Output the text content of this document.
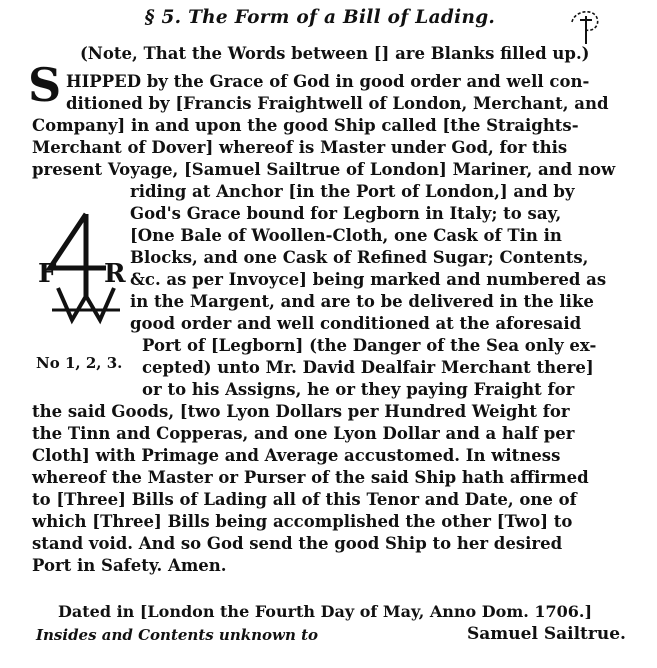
§ 5. The Form of a Bill of Lading.
(Note, That the Words between [] are Blanks filled up.)
S HIPPED by the Grace of God in good order and well con-
ditioned by [Francis Fraightwell of London, Merchant, and
Company] in and upon the good Ship called [the Straights-
Merchant of Dover] whereof is Master under God, for this
present Voyage, [Samuel Sailtrue of London] Mariner, and now
riding at Anchor [in the Port of London,] and by
God's Grace bound for Legborn in Italy; to say,
[One Bale of Woollen-Cloth, one Cask of Tin in
Blocks, and one Cask of Refined Sugar; Contents,
&c. as per Invoyce] being marked and numbered as
in the Margent, and are to be delivered in the like
good order and well conditioned at the aforesaid
Port of [Legborn] (the Danger of the Sea only ex-
cepted) unto Mr. David Dealfair Merchant there]
or to his Assigns, he or they paying Fraight for
the said Goods, [two Lyon Dollars per Hundred Weight for
the Tinn and Copperas, and one Lyon Dollar and a half per
Cloth] with Primage and Average accustomed. In witness
whereof the Master or Purser of the said Ship hath affirmed
to [Three] Bills of Lading all of this Tenor and Date, one of
which [Three] Bills being accomplished the other [Two] to
stand void. And so God send the good Ship to her desired
Port in Safety. Amen.
F R
No 1, 2, 3.
Dated in [London the Fourth Day of May, Anno Dom. 1706.]
Insides and Contents unknown to	Samuel Sailtrue.
